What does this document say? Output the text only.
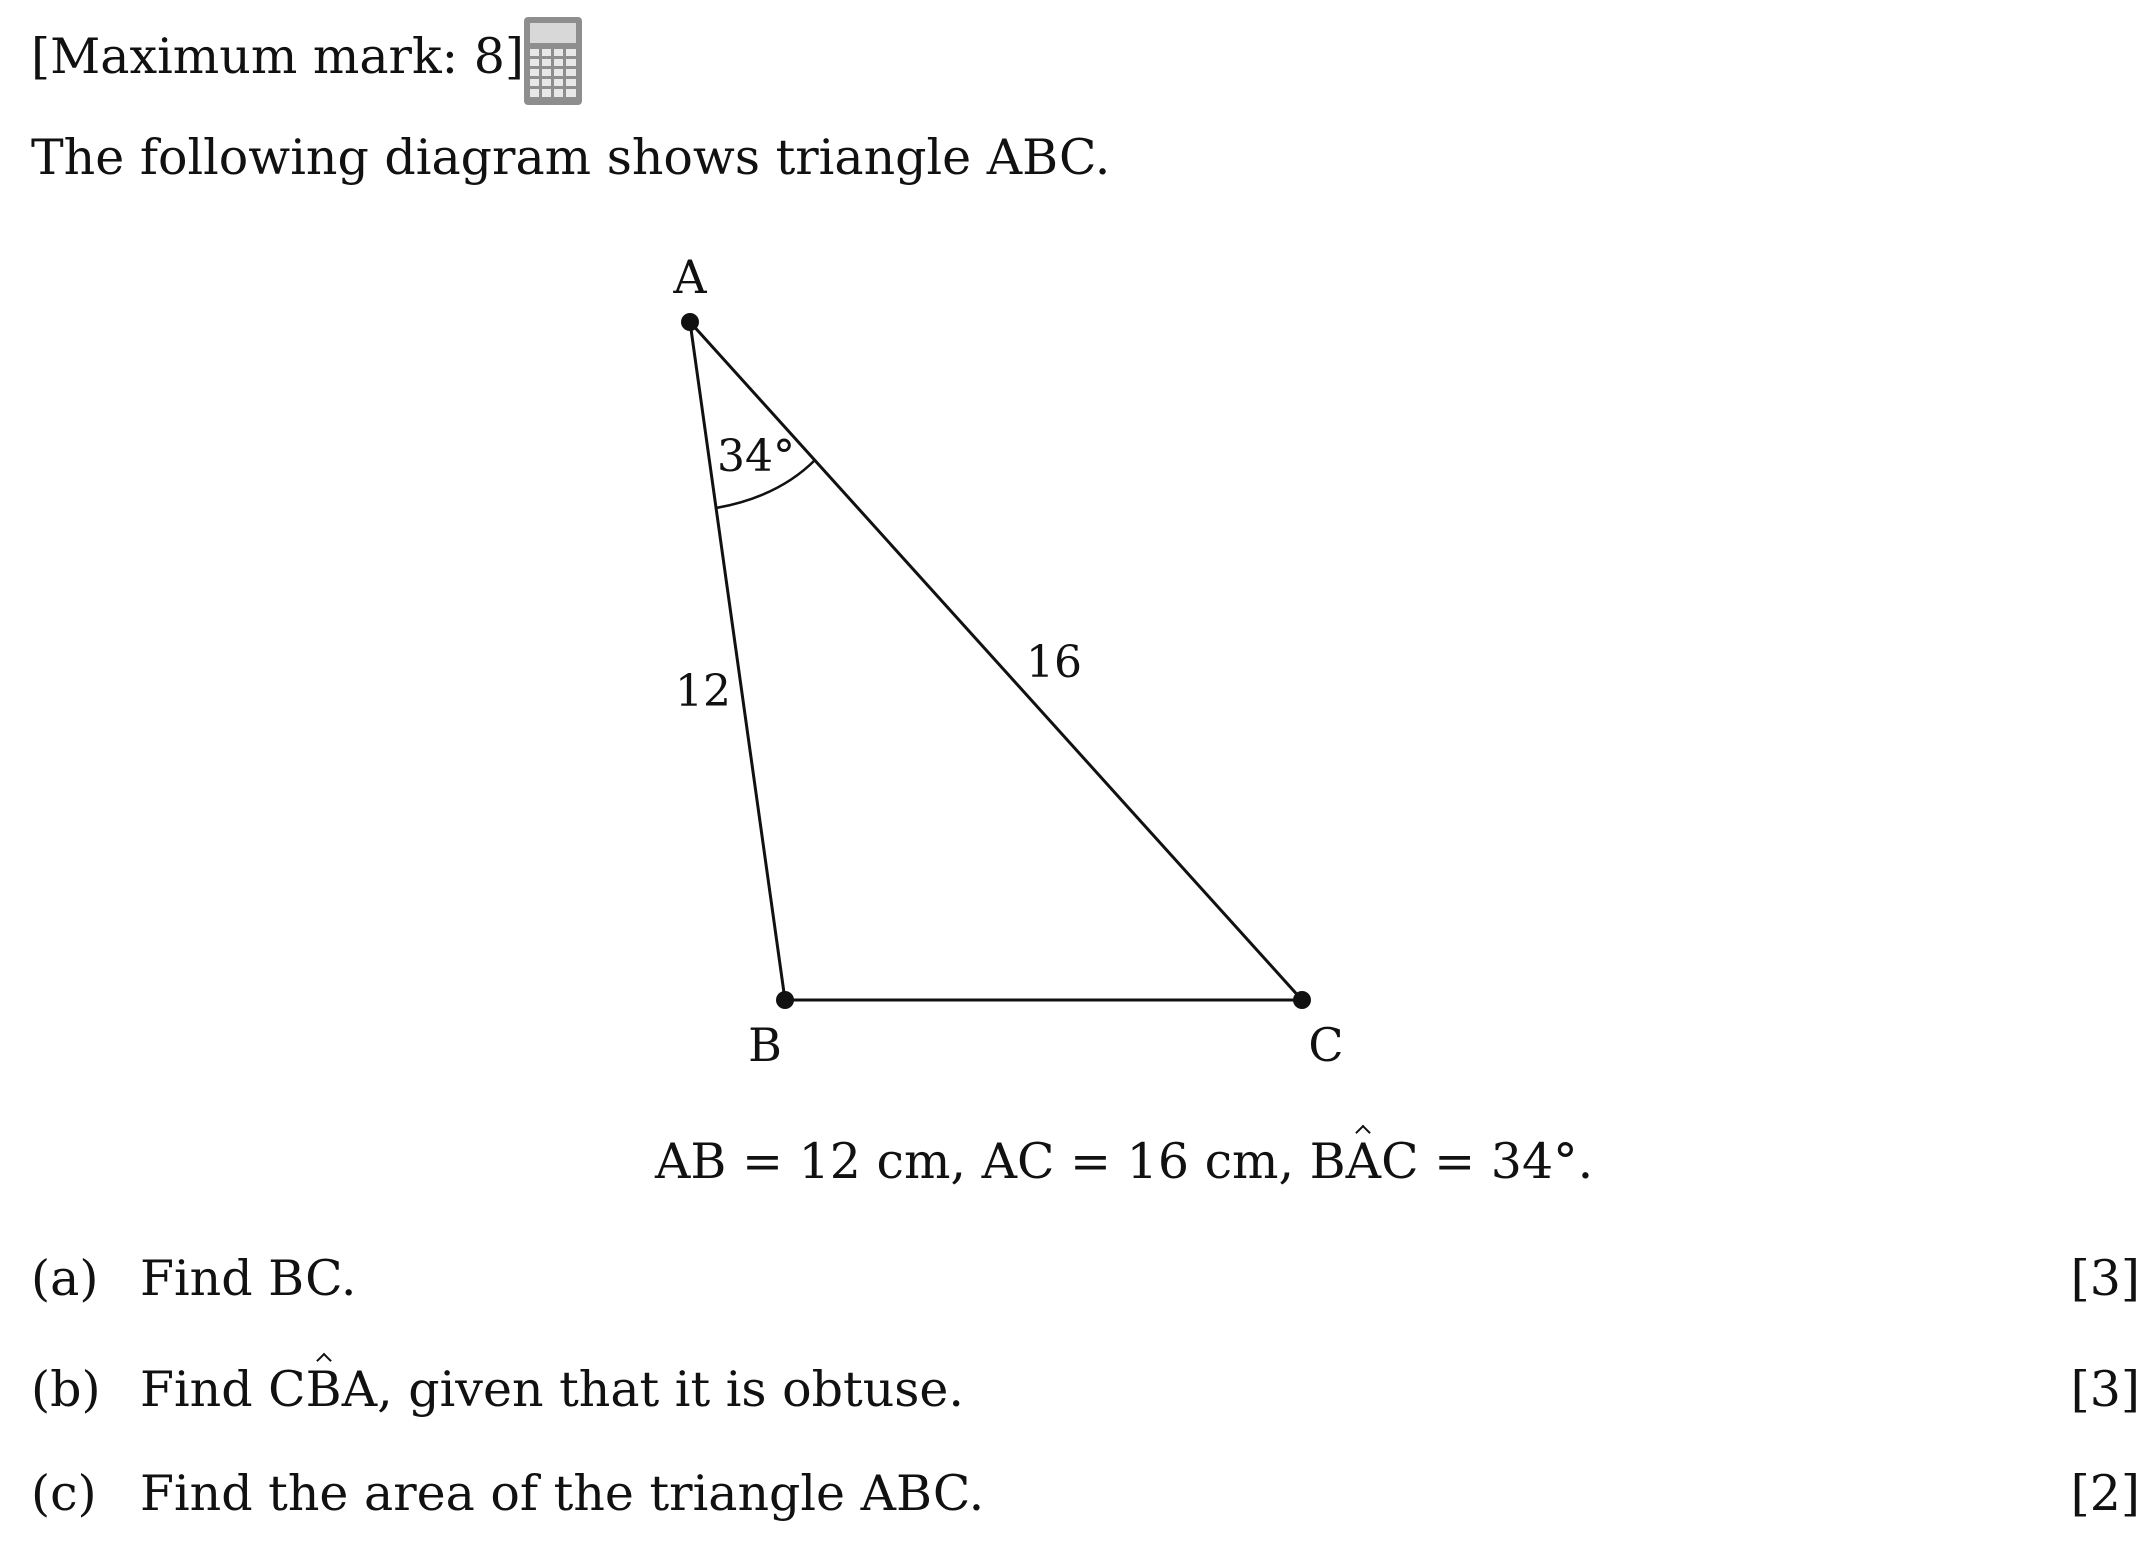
[Maximum mark: 8]
The following diagram shows triangle ABC.
A
B	C
34°
12
16
AB = 12 cm, AC = 16 cm, BAC = 34°.
(a) Find BC.	[3]
(b) Find CBA, given that it is obtuse.	[3]
(c) Find the area of the triangle ABC.	[2]
